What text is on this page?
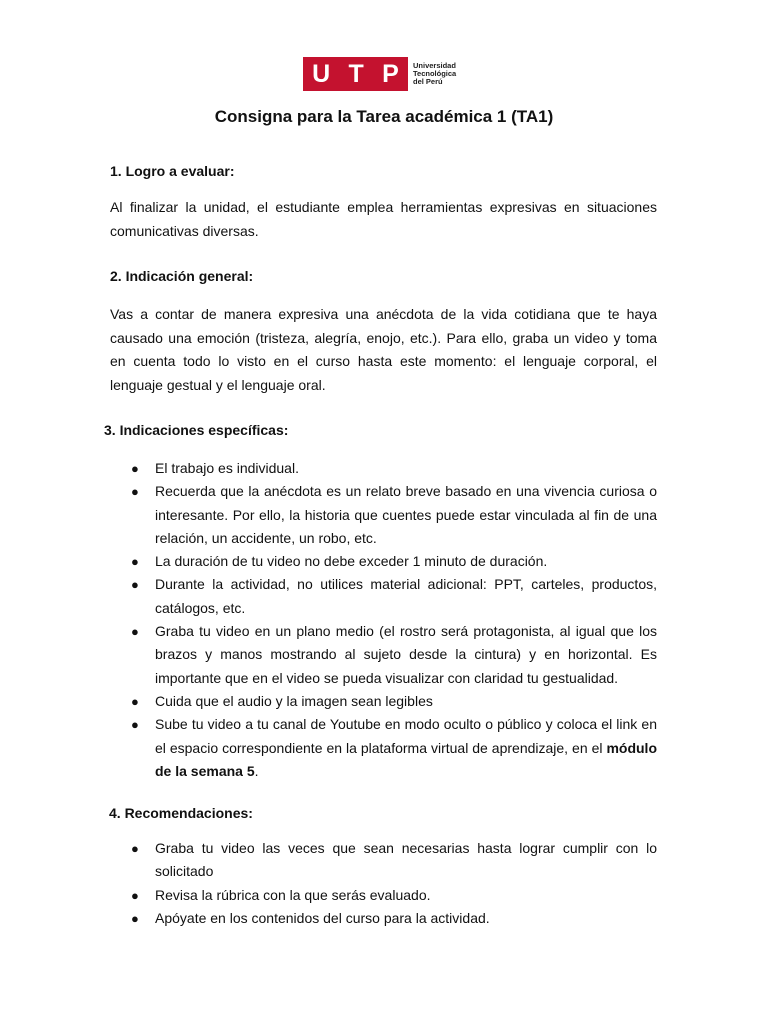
U T P Universidad
Tecnológica
del Perú
Consigna para la Tarea académica 1 (TA1)

1. Logro a evaluar:

Al finalizar la unidad, el estudiante emplea herramientas expresivas en situaciones comunicativas diversas.

2. Indicación general:

Vas a contar de manera expresiva una anécdota de la vida cotidiana que te haya causado una emoción (tristeza, alegría, enojo, etc.). Para ello, graba un video y toma en cuenta todo lo visto en el curso hasta este momento: el lenguaje corporal, el lenguaje gestual y el lenguaje oral.

3. Indicaciones específicas:

● El trabajo es individual.
● Recuerda que la anécdota es un relato breve basado en una vivencia curiosa o interesante. Por ello, la historia que cuentes puede estar vinculada al fin de una relación, un accidente, un robo, etc.
● La duración de tu video no debe exceder 1 minuto de duración.
● Durante la actividad, no utilices material adicional: PPT, carteles, productos, catálogos, etc.
● Graba tu video en un plano medio (el rostro será protagonista, al igual que los brazos y manos mostrando al sujeto desde la cintura) y en horizontal. Es importante que en el video se pueda visualizar con claridad tu gestualidad.
● Cuida que el audio y la imagen sean legibles
● Sube tu video a tu canal de Youtube en modo oculto o público y coloca el link en el espacio correspondiente en la plataforma virtual de aprendizaje, en el módulo de la semana 5.

4. Recomendaciones:

● Graba tu video las veces que sean necesarias hasta lograr cumplir con lo solicitado
● Revisa la rúbrica con la que serás evaluado.
● Apóyate en los contenidos del curso para la actividad.
